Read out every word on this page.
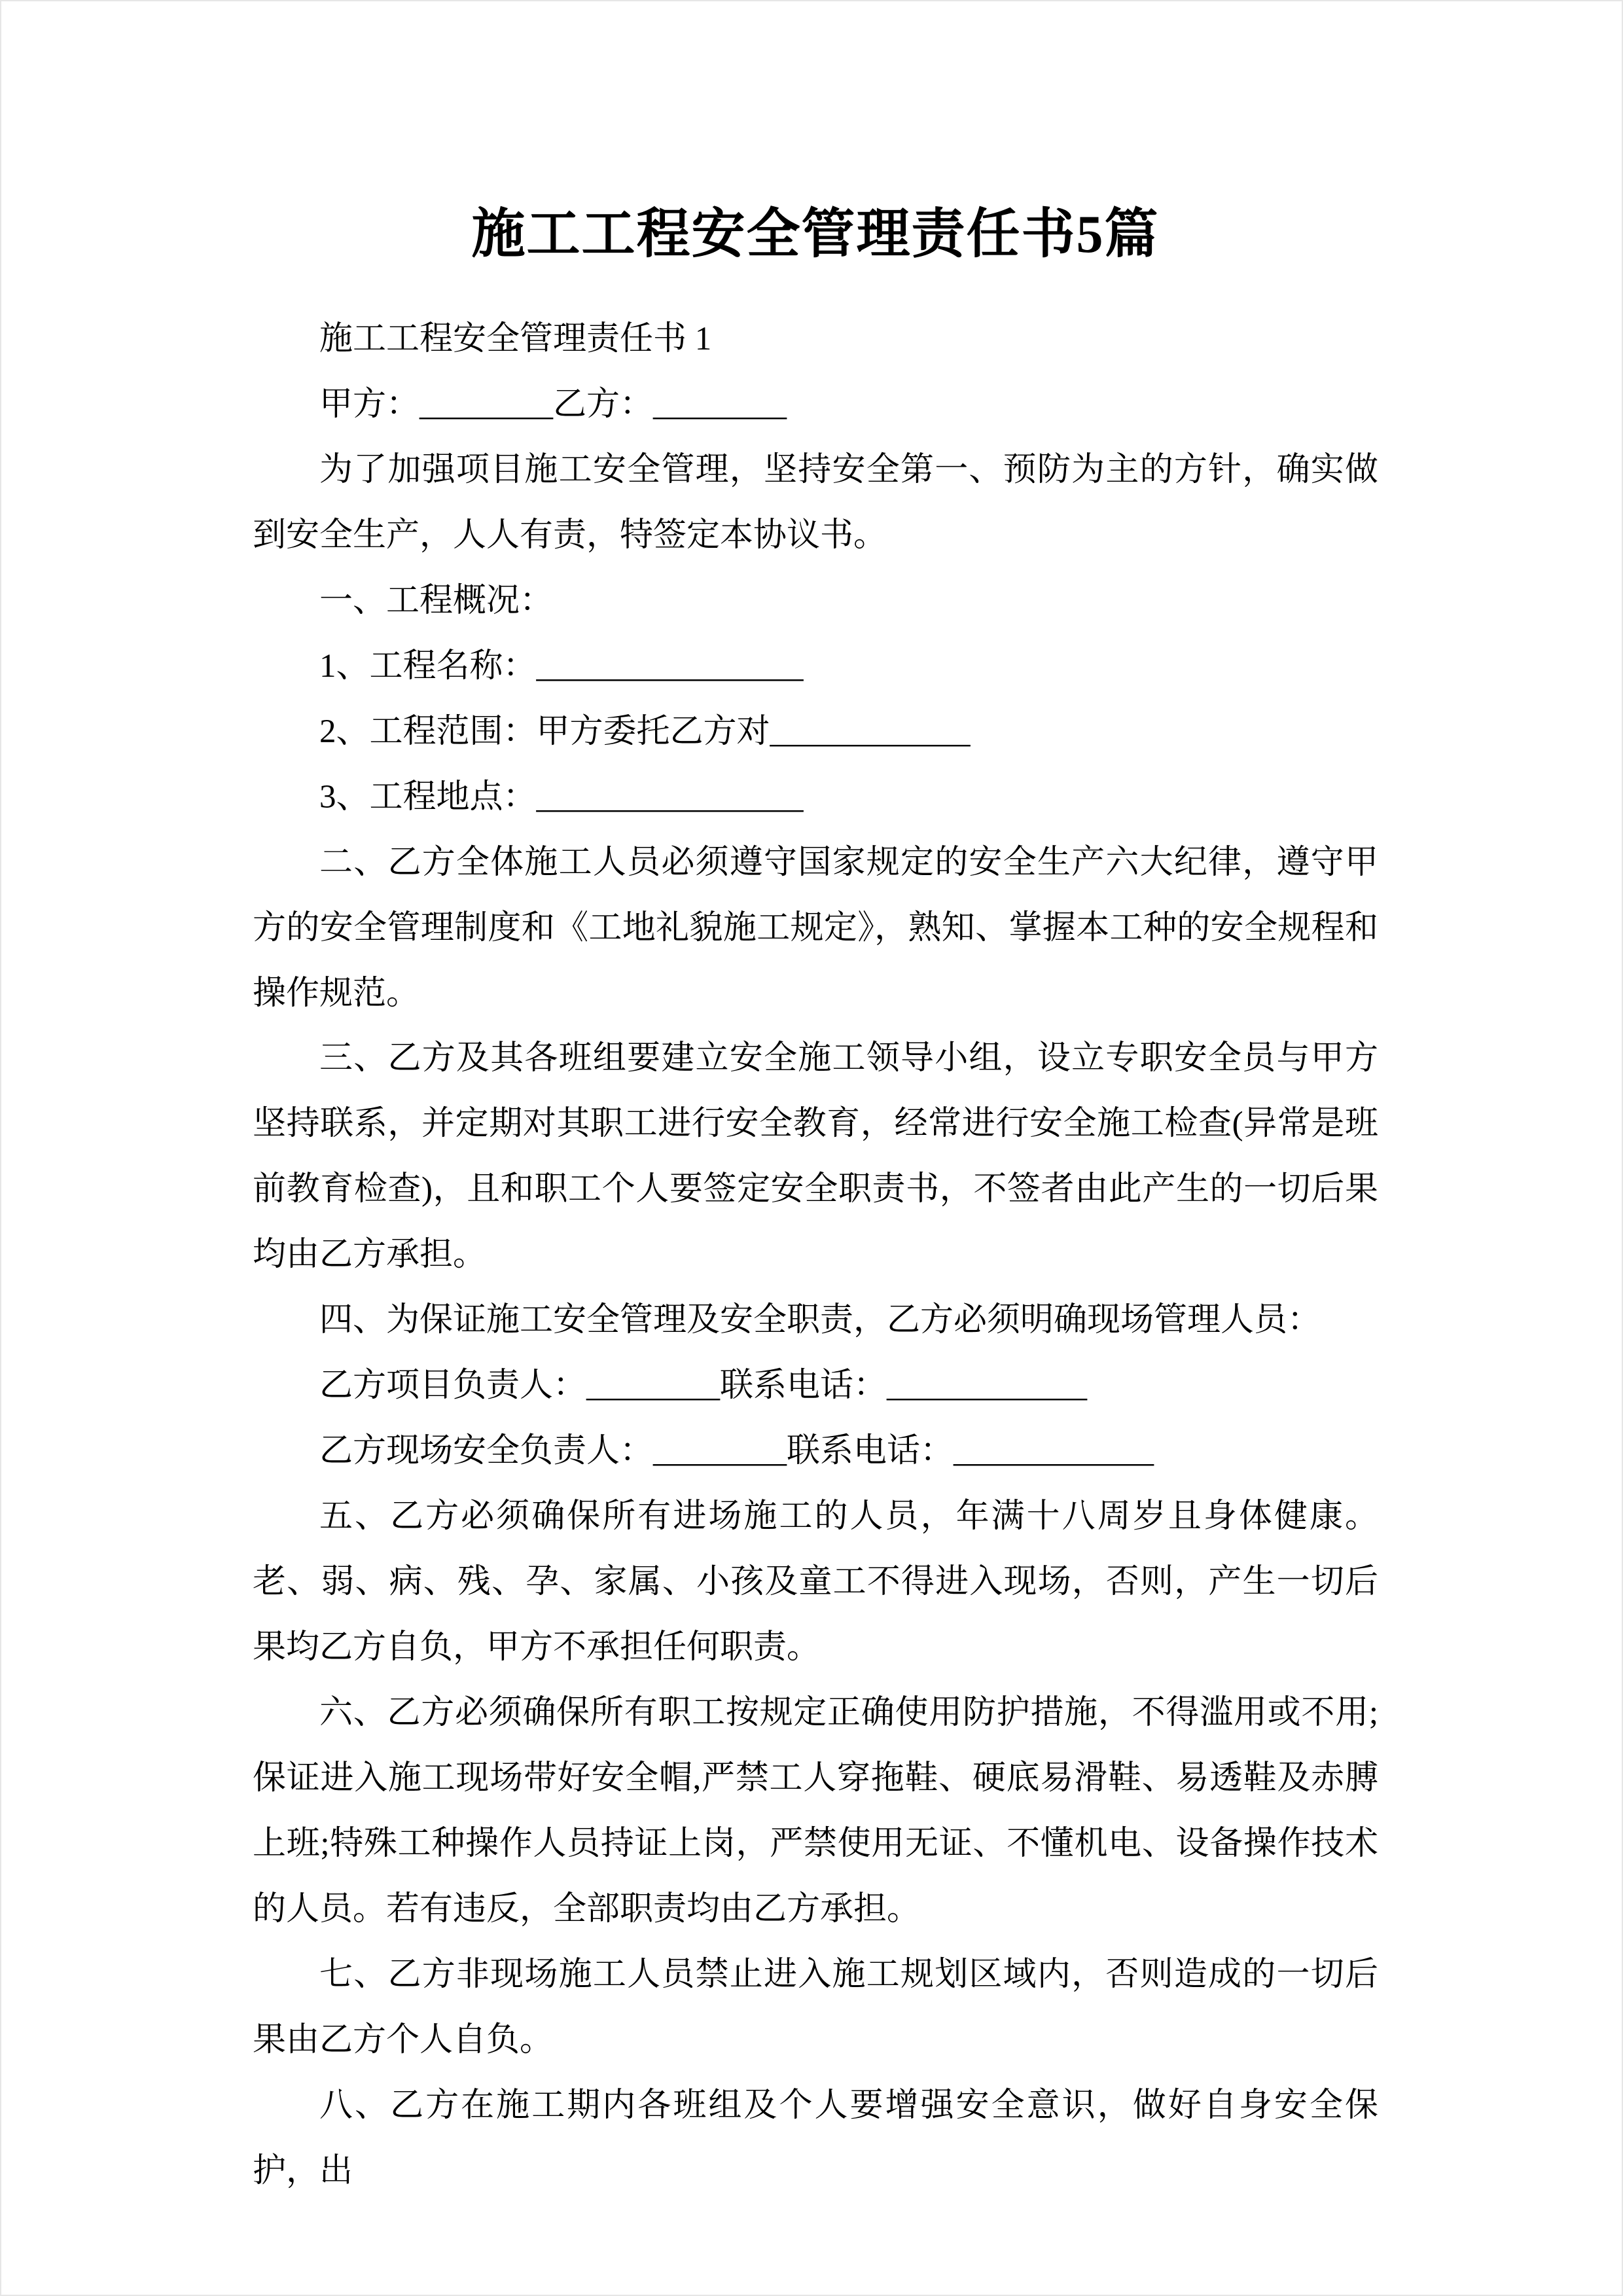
施工工程安全管理责任书5篇

施工工程安全管理责任书 1

甲方：________乙方：________

为了加强项目施工安全管理，坚持安全第一、预防为主的方针，确实做到安全生产，人人有责，特签定本协议书。

一、工程概况：

1、工程名称：________________

2、工程范围：甲方委托乙方对____________

3、工程地点：________________

二、乙方全体施工人员必须遵守国家规定的安全生产六大纪律，遵守甲方的安全管理制度和《工地礼貌施工规定》，熟知、掌握本工种的安全规程和操作规范。

三、乙方及其各班组要建立安全施工领导小组，设立专职安全员与甲方坚持联系，并定期对其职工进行安全教育，经常进行安全施工检查(异常是班前教育检查)，且和职工个人要签定安全职责书，不签者由此产生的一切后果均由乙方承担。

四、为保证施工安全管理及安全职责，乙方必须明确现场管理人员：

乙方项目负责人：________联系电话：____________

乙方现场安全负责人：________联系电话：____________

五、乙方必须确保所有进场施工的人员，年满十八周岁且身体健康。老、弱、病、残、孕、家属、小孩及童工不得进入现场，否则，产生一切后果均乙方自负，甲方不承担任何职责。

六、乙方必须确保所有职工按规定正确使用防护措施，不得滥用或不用;保证进入施工现场带好安全帽,严禁工人穿拖鞋、硬底易滑鞋、易透鞋及赤膊上班;特殊工种操作人员持证上岗，严禁使用无证、不懂机电、设备操作技术的人员。若有违反，全部职责均由乙方承担。

七、乙方非现场施工人员禁止进入施工规划区域内，否则造成的一切后果由乙方个人自负。

八、乙方在施工期内各班组及个人要增强安全意识，做好自身安全保护，出
